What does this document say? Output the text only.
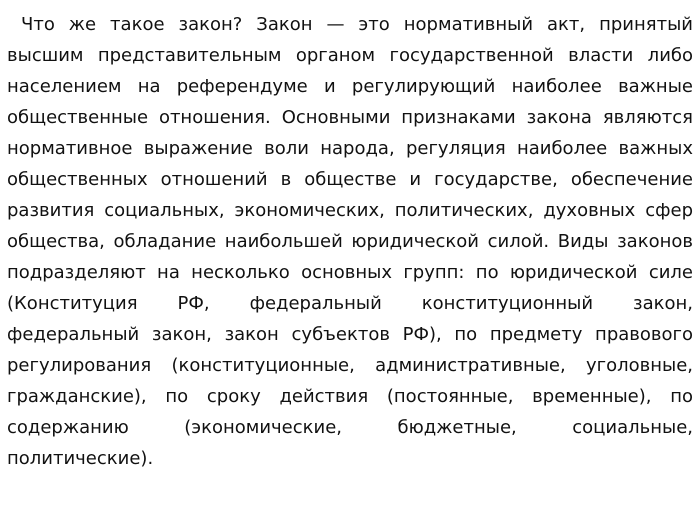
Что же такое закон? Закон — это нормативный акт, принятый высшим представительным органом государственной власти либо населением на референдуме и регулирующий наиболее важные общественные отношения. Основными признаками закона являются нормативное выражение воли народа, регуляция наиболее важных общественных отношений в обществе и государстве, обеспечение развития социальных, экономических, политических, духовных сфер общества, обладание наибольшей юридической силой. Виды законов подразделяют на несколько основных групп: по юридической силе (Конституция РФ, федеральный конституционный закон, федеральный закон, закон субъектов РФ), по предмету правового регулирования (конституционные, административные, уголовные, гражданские), по сроку действия (постоянные, временные), по содержанию (экономические, бюджетные, социальные, политические).
